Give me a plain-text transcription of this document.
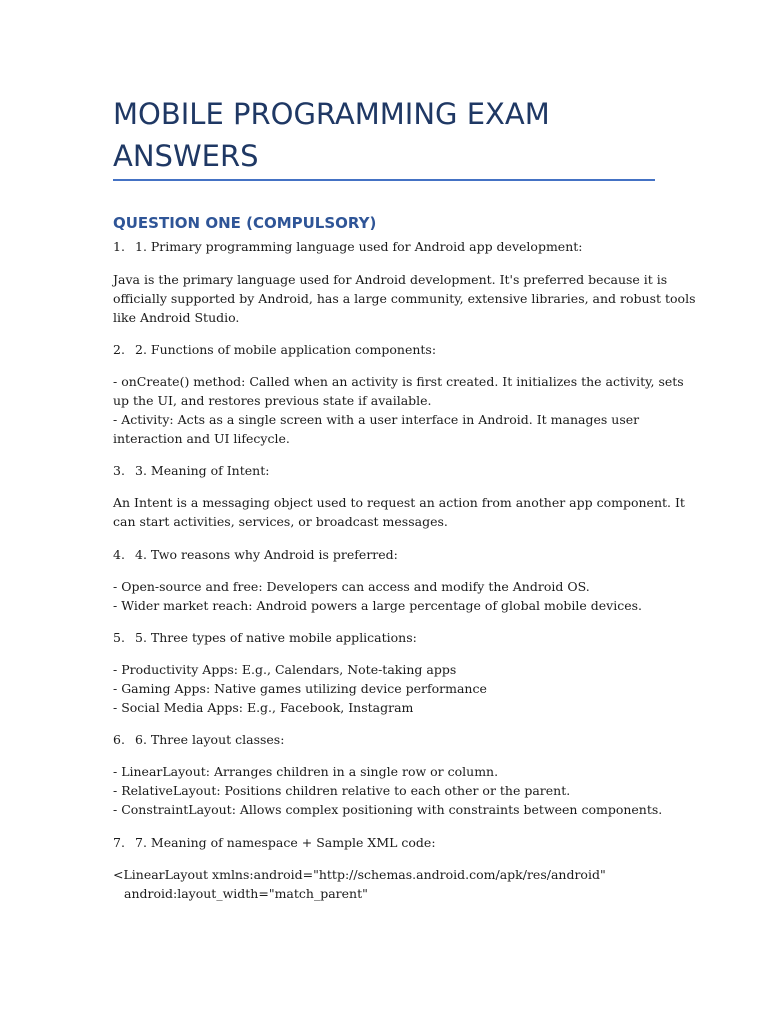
MOBILE PROGRAMMING EXAM
ANSWERS
QUESTION ONE (COMPULSORY)
1. 1. Primary programming language used for Android app development:
Java is the primary language used for Android development. It's preferred because it is
officially supported by Android, has a large community, extensive libraries, and robust tools
like Android Studio.
2. 2. Functions of mobile application components:
- onCreate() method: Called when an activity is first created. It initializes the activity, sets
up the UI, and restores previous state if available.
- Activity: Acts as a single screen with a user interface in Android. It manages user
interaction and UI lifecycle.
3. 3. Meaning of Intent:
An Intent is a messaging object used to request an action from another app component. It
can start activities, services, or broadcast messages.
4. 4. Two reasons why Android is preferred:
- Open-source and free: Developers can access and modify the Android OS.
- Wider market reach: Android powers a large percentage of global mobile devices.
5. 5. Three types of native mobile applications:
- Productivity Apps: E.g., Calendars, Note-taking apps
- Gaming Apps: Native games utilizing device performance
- Social Media Apps: E.g., Facebook, Instagram
6. 6. Three layout classes:
- LinearLayout: Arranges children in a single row or column.
- RelativeLayout: Positions children relative to each other or the parent.
- ConstraintLayout: Allows complex positioning with constraints between components.
7. 7. Meaning of namespace + Sample XML code:
<LinearLayout xmlns:android="http://schemas.android.com/apk/res/android"
android:layout_width="match_parent"
